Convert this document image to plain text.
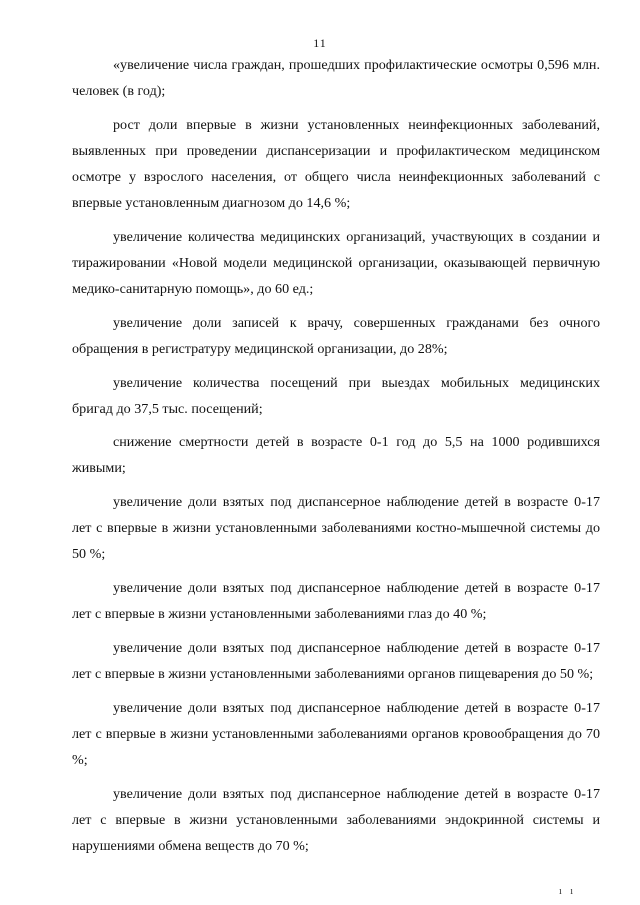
11

«увеличение числа граждан, прошедших профилактические осмотры 0,596 млн. человек (в год);

рост доли впервые в жизни установленных неинфекционных заболеваний, выявленных при проведении диспансеризации и профилактическом медицинском осмотре у взрослого населения, от общего числа неинфекционных заболеваний с впервые установленным диагнозом до 14,6 %;

увеличение количества медицинских организаций, участвующих в создании и тиражировании «Новой модели медицинской организации, оказывающей первичную медико-санитарную помощь», до 60 ед.;

увеличение доли записей к врачу, совершенных гражданами без очного обращения в регистратуру медицинской организации, до 28%;

увеличение количества посещений при выездах мобильных медицинских бригад до 37,5 тыс. посещений;

снижение смертности детей в возрасте 0-1 год до 5,5 на 1000 родившихся живыми;

увеличение доли взятых под диспансерное наблюдение детей в возрасте 0-17 лет с впервые в жизни установленными заболеваниями костно-мышечной системы до 50 %;

увеличение доли взятых под диспансерное наблюдение детей в возрасте 0-17 лет с впервые в жизни установленными заболеваниями глаз до 40 %;

увеличение доли взятых под диспансерное наблюдение детей в возрасте 0-17 лет с впервые в жизни установленными заболеваниями органов пищеварения до 50 %;

увеличение доли взятых под диспансерное наблюдение детей в возрасте 0-17 лет с впервые в жизни установленными заболеваниями органов кровообращения до 70 %;

увеличение доли взятых под диспансерное наблюдение детей в возрасте 0-17 лет с впервые в жизни установленными заболеваниями эндокринной системы и нарушениями обмена веществ до 70 %;

ı ı
